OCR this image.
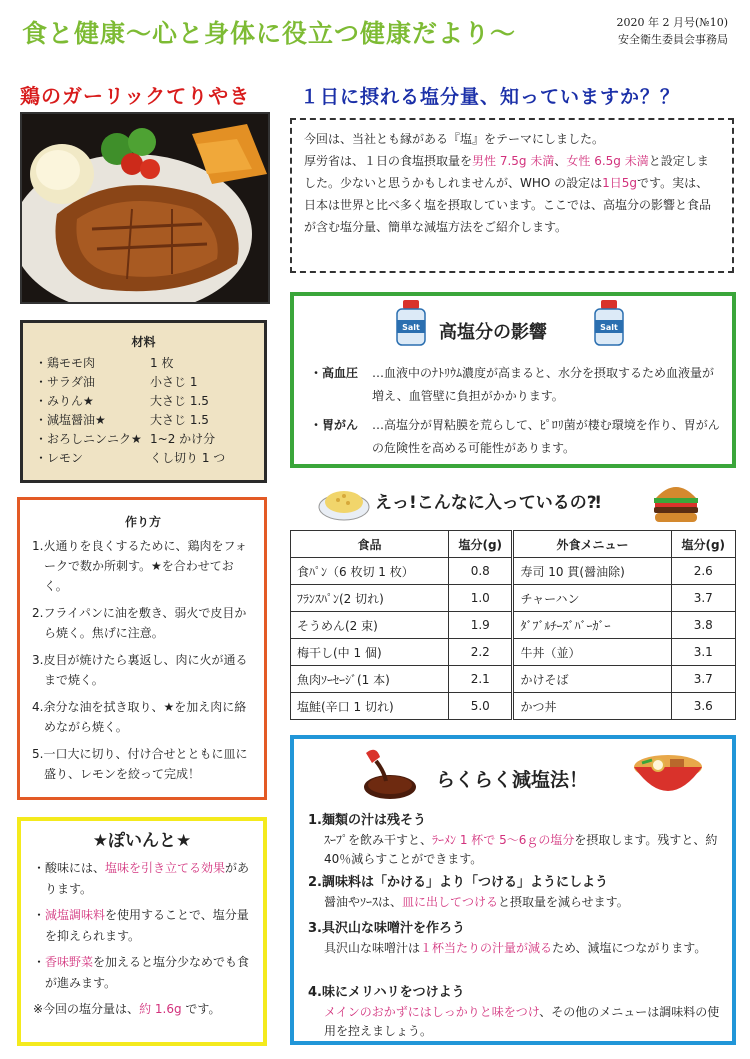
食と健康～心と身体に役立つ健康だより～	2020 年 2 月号(№10)
安全衛生委員会事務局
鶏のガーリックてりやき
材料
・鶏モモ肉	1 枚
・サラダ油	小さじ 1
・みりん★	大さじ 1.5
・減塩醤油★	大さじ 1.5
・おろしニンニク★ 1~2 かけ分
・レモン	くし切り 1 つ
作り方
1.火通りを良くするために、鶏肉をフォークで数か所刺す。★を合わせておく。
2.フライパンに油を敷き、弱火で皮目から焼く。焦げに注意。
3.皮目が焼けたら裏返し、肉に火が通るまで焼く。
4.余分な油を拭き取り、★を加え肉に絡めながら焼く。
5.一口大に切り、付け合せとともに皿に盛り、レモンを絞って完成！
★ぽいんと★
・酸味には、塩味を引き立てる効果があります。
・減塩調味料を使用することで、塩分量を抑えられます。
・香味野菜を加えると塩分少なめでも食が進みます。
※今回の塩分量は、約 1.6g です。
１日に摂れる塩分量、知っていますか？？
今回は、当社とも縁がある『塩』をテーマにしました。
厚労省は、１日の食塩摂取量を男性 7.5g 未満、女性 6.5g 未満と設定しました。少ないと思うかもしれませんが、WHO の設定は1日5gです。実は、日本は世界と比べ多く塩を摂取しています。ここでは、高塩分の影響と食品が含む塩分量、簡単な減塩方法をご紹介します。
Salt 高塩分の影響	Salt
・高血圧	…血液中のﾅﾄﾘｳﾑ濃度が高まると、水分を摂取するため血液量が増え、血管壁に負担がかかります。
・胃がん	…高塩分が胃粘膜を荒らして、ﾋﾟﾛﾘ菌が棲む環境を作り、胃がんの危険性を高める可能性があります。
えっ!こんなに入っているの⁈
食品	塩分(g)	外食メニュー	塩分(g)
食ﾊﾟﾝ（6 枚切 1 枚）	0.8	寿司 10 貫(醤油除)	2.6
ﾌﾗﾝｽﾊﾟﾝ(2 切れ)	1.0	チャーハン	3.7
そうめん(2 束)	1.9	ﾀﾞﾌﾞﾙﾁｰｽﾞﾊﾞｰｶﾞｰ	3.8
梅干し(中 1 個)	2.2	牛丼（並）	3.1
魚肉ｿｰｾｰｼﾞ(1 本)	2.1	かけそば	3.7
塩鮭(辛口 1 切れ)	5.0	かつ丼	3.6
らくらく減塩法！
1.麺類の汁は残そう
ｽｰﾌﾟを飲み干すと、ﾗｰﾒﾝ 1 杯で 5～6ｇの塩分を摂取します。残すと、約 40％減らすことができます。
2.調味料は「かける」より「つける」ようにしよう
醤油やｿｰｽは、皿に出してつけると摂取量を減らせます。
3.具沢山な味噌汁を作ろう
具沢山な味噌汁は１杯当たりの汁量が減るため、減塩につながります。
4.味にメリハリをつけよう
メインのおかずにはしっかりと味をつけ、その他のメニューは調味料の使用を控えましょう。
